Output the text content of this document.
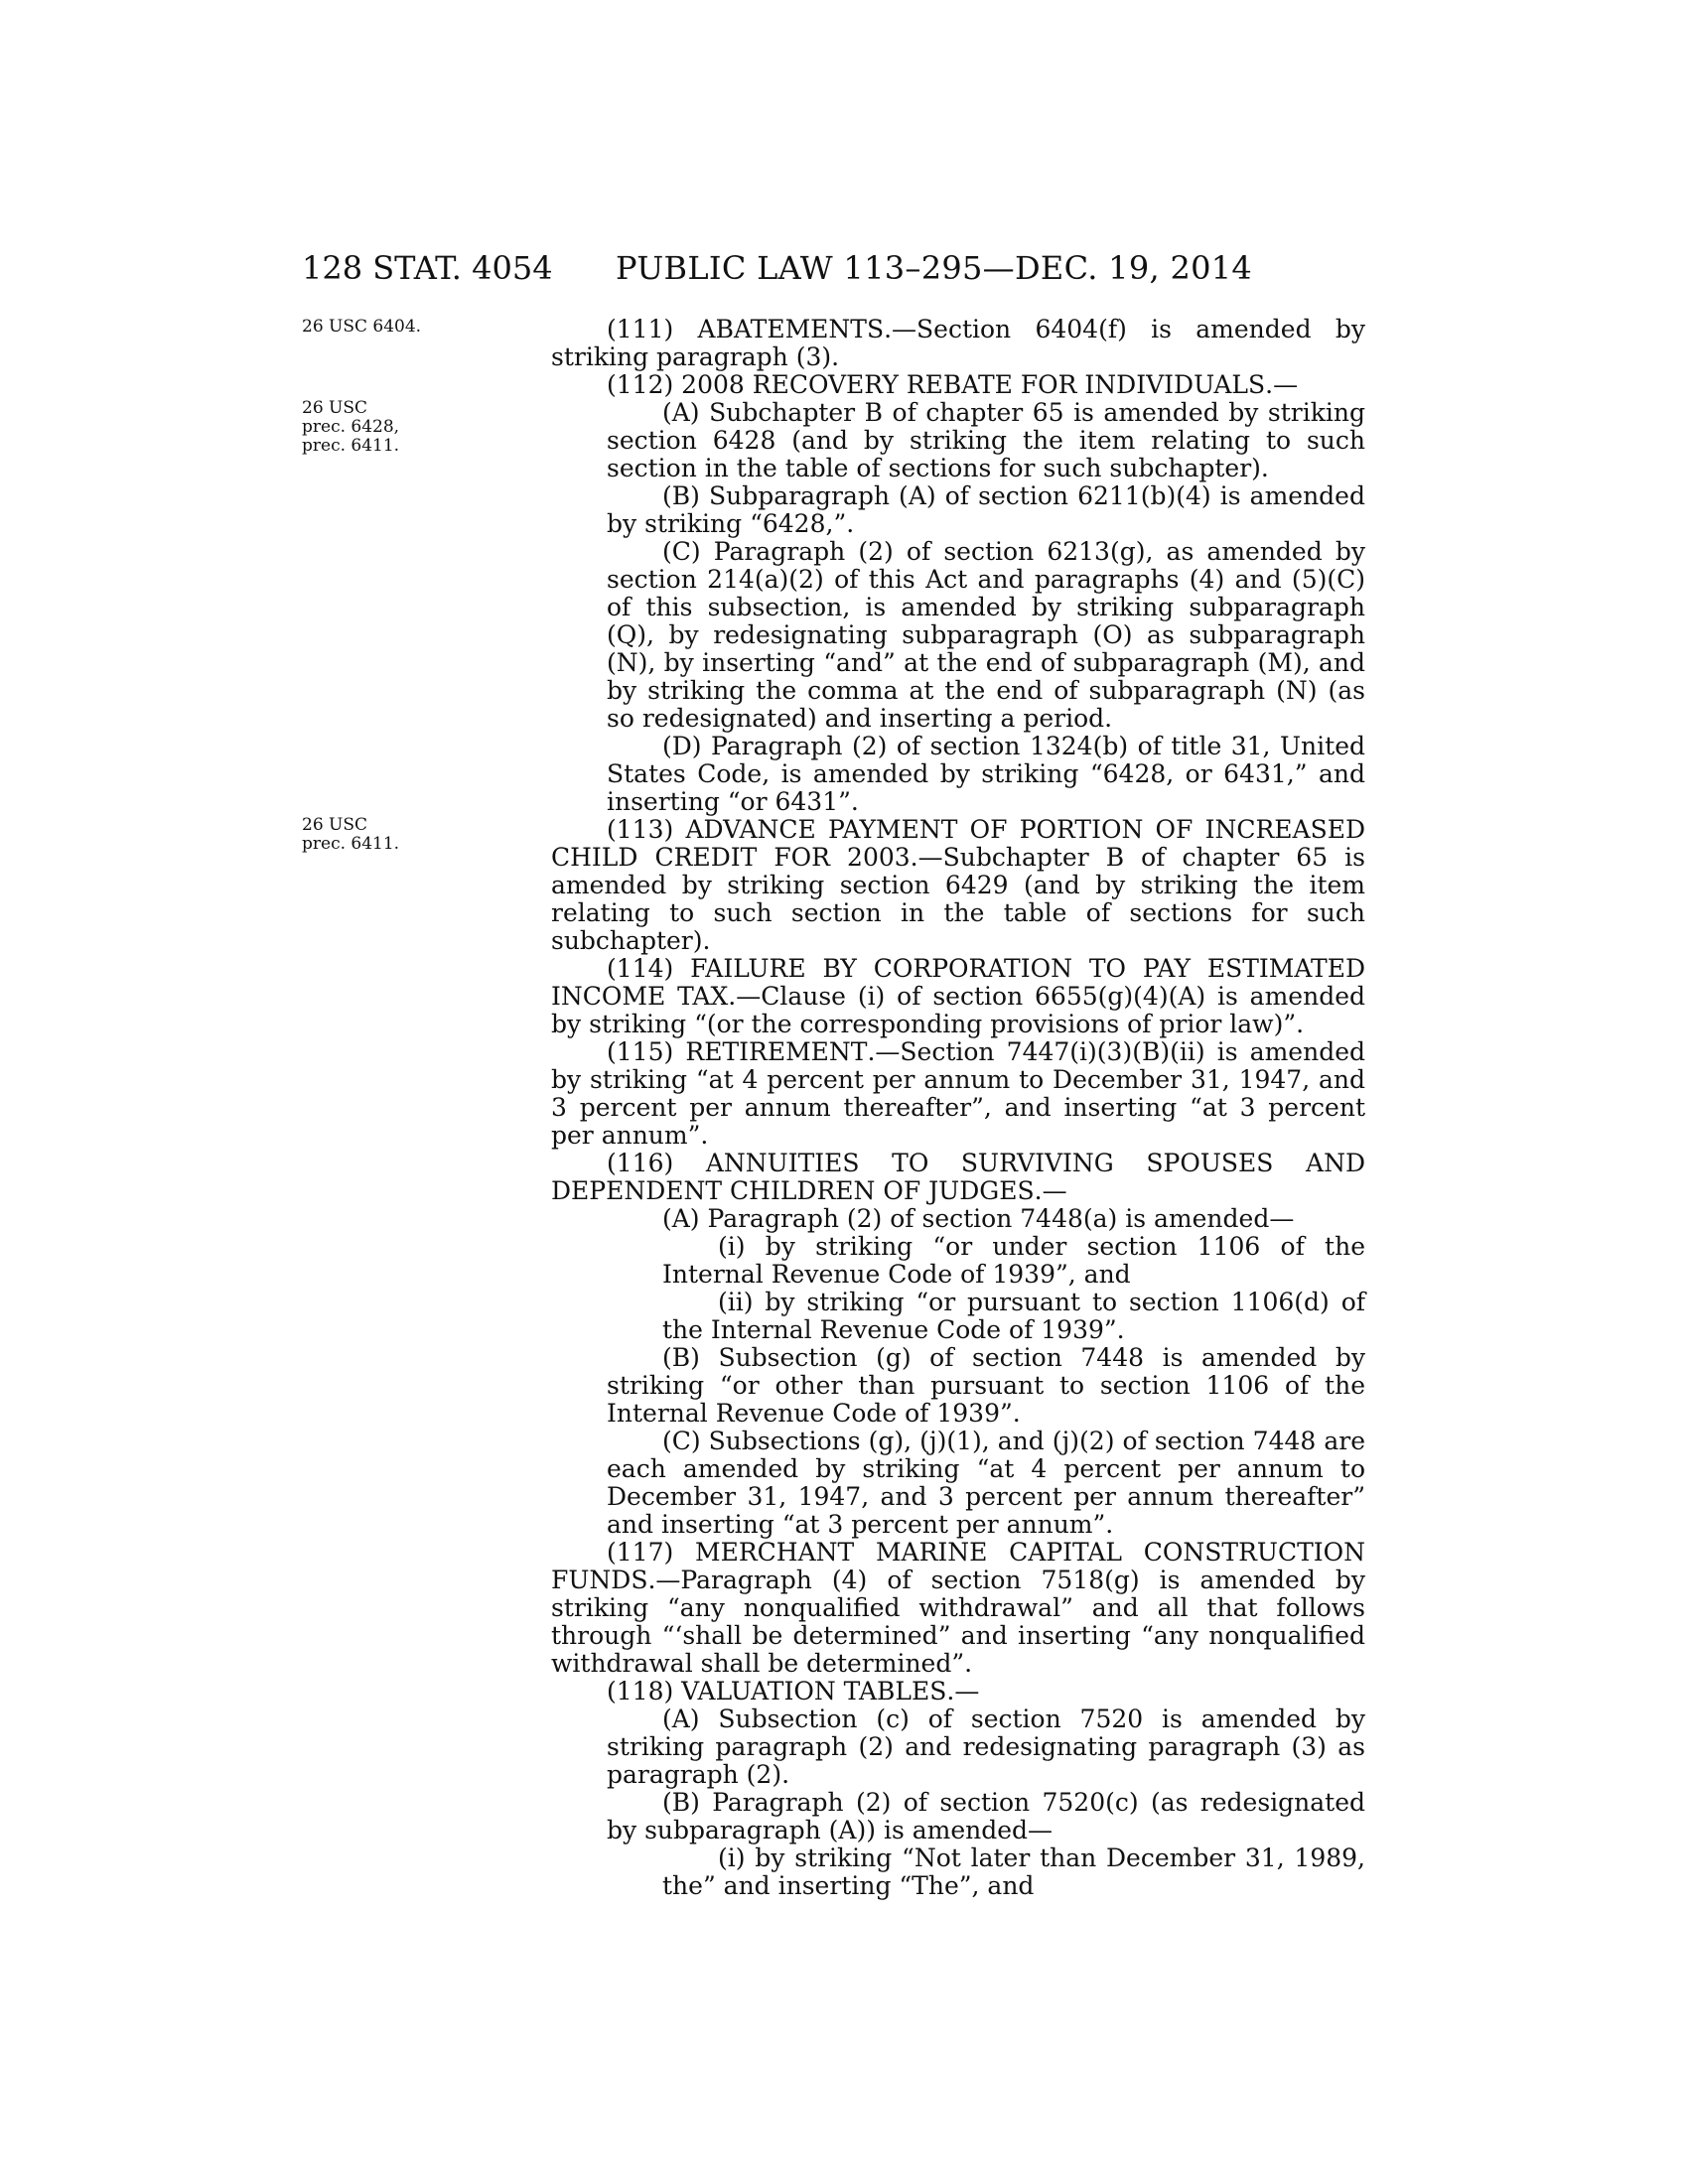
128 STAT. 4054 PUBLIC LAW 113–295—DEC. 19, 2014
26 USC 6404.
26 USC
prec. 6428,
prec. 6411.
26 USC
prec. 6411.

(111) ABATEMENTS.—Section 6404(f) is amended by striking paragraph (3).

(112) 2008 RECOVERY REBATE FOR INDIVIDUALS.—

(A) Subchapter B of chapter 65 is amended by striking section 6428 (and by striking the item relating to such section in the table of sections for such subchapter).

(B) Subparagraph (A) of section 6211(b)(4) is amended by striking “6428,”.

(C) Paragraph (2) of section 6213(g), as amended by section 214(a)(2) of this Act and paragraphs (4) and (5)(C) of this subsection, is amended by striking subparagraph (Q), by redesignating subparagraph (O) as subparagraph (N), by inserting “and” at the end of subparagraph (M), and by striking the comma at the end of subparagraph (N) (as so redesignated) and inserting a period.

(D) Paragraph (2) of section 1324(b) of title 31, United States Code, is amended by striking “6428, or 6431,” and inserting “or 6431”.

(113) ADVANCE PAYMENT OF PORTION OF INCREASED CHILD CREDIT FOR 2003.—Subchapter B of chapter 65 is amended by striking section 6429 (and by striking the item relating to such section in the table of sections for such subchapter).

(114) FAILURE BY CORPORATION TO PAY ESTIMATED INCOME TAX.—Clause (i) of section 6655(g)(4)(A) is amended by striking “(or the corresponding provisions of prior law)”.

(115) RETIREMENT.—Section 7447(i)(3)(B)(ii) is amended by striking “at 4 percent per annum to December 31, 1947, and 3 percent per annum thereafter”, and inserting “at 3 percent per annum”.

(116) ANNUITIES TO SURVIVING SPOUSES AND DEPENDENT CHILDREN OF JUDGES.—

(A) Paragraph (2) of section 7448(a) is amended—

(i) by striking “or under section 1106 of the Internal Revenue Code of 1939”, and

(ii) by striking “or pursuant to section 1106(d) of the Internal Revenue Code of 1939”.

(B) Subsection (g) of section 7448 is amended by striking “or other than pursuant to section 1106 of the Internal Revenue Code of 1939”.

(C) Subsections (g), (j)(1), and (j)(2) of section 7448 are each amended by striking “at 4 percent per annum to December 31, 1947, and 3 percent per annum thereafter” and inserting “at 3 percent per annum”.

(117) MERCHANT MARINE CAPITAL CONSTRUCTION FUNDS.—Paragraph (4) of section 7518(g) is amended by striking “any nonqualified withdrawal” and all that follows through “‘shall be determined” and inserting “any nonqualified withdrawal shall be determined”.

(118) VALUATION TABLES.—

(A) Subsection (c) of section 7520 is amended by striking paragraph (2) and redesignating paragraph (3) as paragraph (2).

(B) Paragraph (2) of section 7520(c) (as redesignated by subparagraph (A)) is amended—

(i) by striking “Not later than December 31, 1989, the” and inserting “The”, and
